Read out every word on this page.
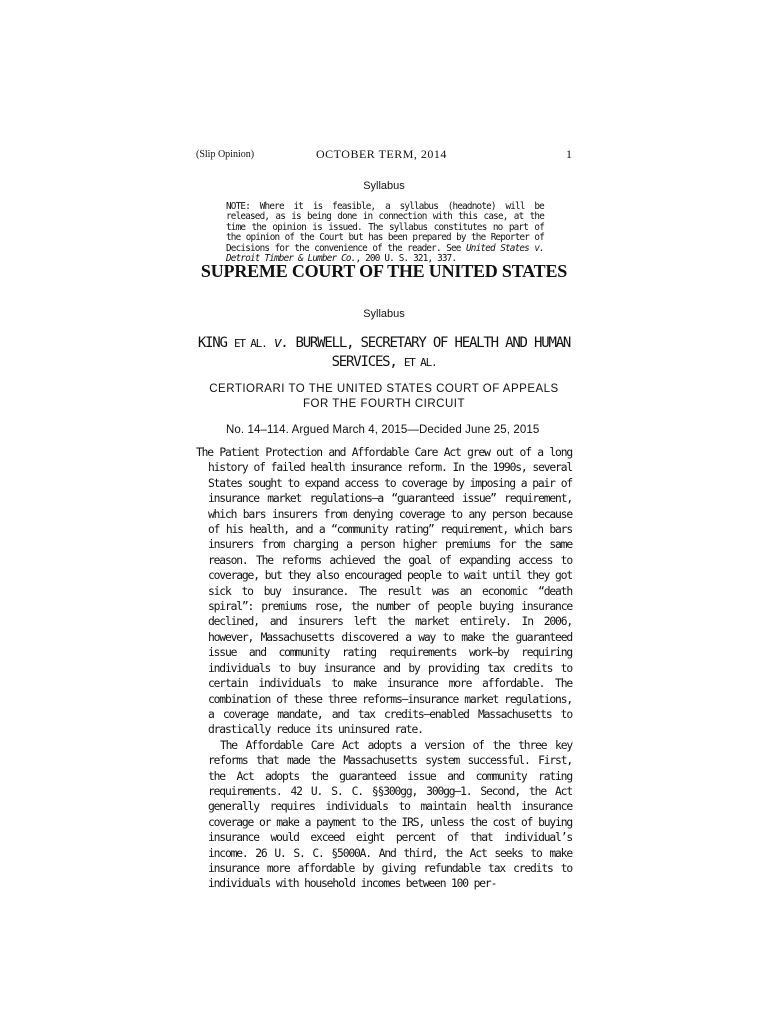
(Slip Opinion)	OCTOBER TERM, 2014	1
Syllabus
NOTE: Where it is feasible, a syllabus (headnote) will be released, as is being done in connection with this case, at the time the opinion is issued. The syllabus constitutes no part of the opinion of the Court but has been prepared by the Reporter of Decisions for the convenience of the reader. See United States v. Detroit Timber & Lumber Co., 200 U. S. 321, 337.
SUPREME COURT OF THE UNITED STATES
Syllabus
KING ET AL. v. BURWELL, SECRETARY OF HEALTH AND HUMAN SERVICES, ET AL.
CERTIORARI TO THE UNITED STATES COURT OF APPEALS FOR THE FOURTH CIRCUIT
No. 14–114. Argued March 4, 2015—Decided June 25, 2015

The Patient Protection and Affordable Care Act grew out of a long history of failed health insurance reform. In the 1990s, several States sought to expand access to coverage by imposing a pair of insurance market regulations—a “guaranteed issue” requirement, which bars insurers from denying coverage to any person because of his health, and a “community rating” requirement, which bars insurers from charging a person higher premiums for the same reason. The reforms achieved the goal of expanding access to coverage, but they also encouraged people to wait until they got sick to buy insurance. The result was an economic “death spiral”: premiums rose, the number of people buying insurance declined, and insurers left the market entirely. In 2006, however, Massachusetts discovered a way to make the guaranteed issue and community rating requirements work—by requiring individuals to buy insurance and by providing tax credits to certain individuals to make insurance more affordable. The combination of these three reforms—insurance market regulations, a coverage mandate, and tax credits—enabled Massachusetts to drastically reduce its uninsured rate.

The Affordable Care Act adopts a version of the three key reforms that made the Massachusetts system successful. First, the Act adopts the guaranteed issue and community rating requirements. 42 U. S. C. §§300gg, 300gg–1. Second, the Act generally requires individuals to maintain health insurance coverage or make a payment to the IRS, unless the cost of buying insurance would exceed eight percent of that individual’s income. 26 U. S. C. §5000A. And third, the Act seeks to make insurance more affordable by giving refundable tax credits to individuals with household incomes between 100 per-
